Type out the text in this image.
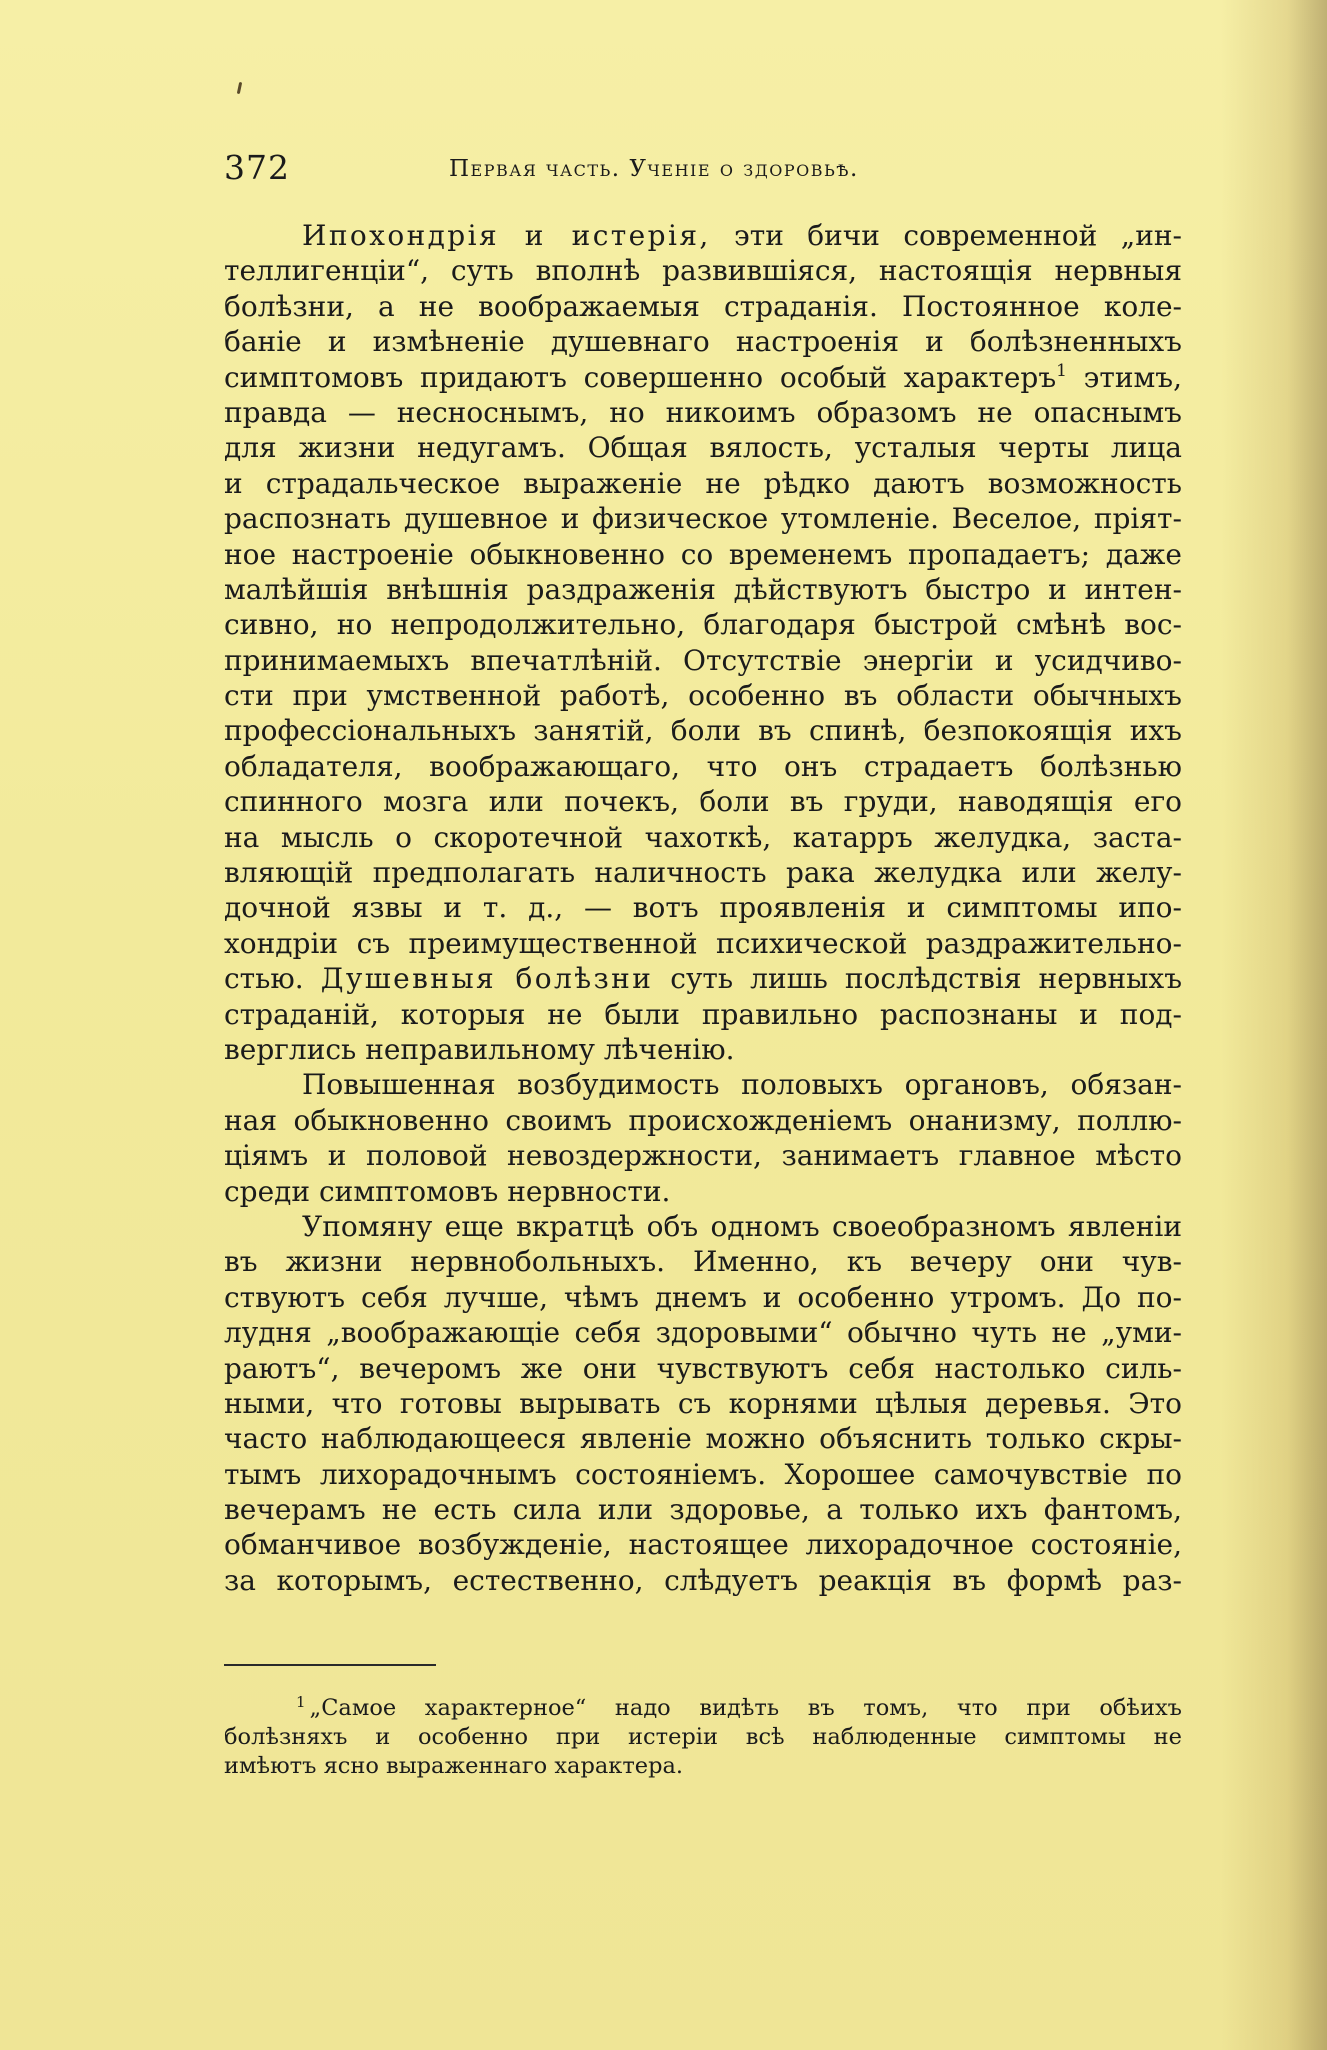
372	Первая часть. Ученіе о здоровьѣ.
Ипохондрія и истерія, эти бичи современной „ин-
теллигенціи“, суть вполнѣ развившіяся, настоящія нервныя
болѣзни, а не воображаемыя страданія. Постоянное коле-
баніе и измѣненіе душевнаго настроенія и болѣзненныхъ
симптомовъ придаютъ совершенно особый характеръ$^1$ этимъ,
правда — несноснымъ, но никоимъ образомъ не опаснымъ
для жизни недугамъ. Общая вялость, усталыя черты лица
и страдальческое выраженіе не рѣдко даютъ возможность
распознать душевное и физическое утомленіе. Веселое, пріят-
ное настроеніе обыкновенно со временемъ пропадаетъ; даже
малѣйшія внѣшнія раздраженія дѣйствуютъ быстро и интен-
сивно, но непродолжительно, благодаря быстрой смѣнѣ вос-
принимаемыхъ впечатлѣній. Отсутствіе энергіи и усидчиво-
сти при умственной работѣ, особенно въ области обычныхъ
профессіональныхъ занятій, боли въ спинѣ, безпокоящія ихъ
обладателя, воображающаго, что онъ страдаетъ болѣзнью
спинного мозга или почекъ, боли въ груди, наводящія его
на мысль о скоротечной чахоткѣ, катарръ желудка, заста-
вляющій предполагать наличность рака желудка или желу-
дочной язвы и т. д., — вотъ проявленія и симптомы ипо-
хондріи съ преимущественной психической раздражительно-
стью. Душевныя болѣзни суть лишь послѣдствія нервныхъ
страданій, которыя не были правильно распознаны и под-
верглись неправильному лѣченію.
Повышенная возбудимость половыхъ органовъ, обязан-
ная обыкновенно своимъ происхожденіемъ онанизму, поллю-
ціямъ и половой невоздержности, занимаетъ главное мѣсто
среди симптомовъ нервности.
Упомяну еще вкратцѣ объ одномъ своеобразномъ явленіи
въ жизни нервнобольныхъ. Именно, къ вечеру они чув-
ствуютъ себя лучше, чѣмъ днемъ и особенно утромъ. До по-
лудня „воображающіе себя здоровыми“ обычно чуть не „уми-
раютъ“, вечеромъ же они чувствуютъ себя настолько силь-
ными, что готовы вырывать съ корнями цѣлыя деревья. Это
часто наблюдающееся явленіе можно объяснить только скры-
тымъ лихорадочнымъ состояніемъ. Хорошее самочувствіе по
вечерамъ не есть сила или здоровье, а только ихъ фантомъ,
обманчивое возбужденіе, настоящее лихорадочное состояніе,
за которымъ, естественно, слѣдуетъ реакція въ формѣ раз-
$^1$ „Самое характерное“ надо видѣть въ томъ, что при обѣихъ
болѣзняхъ и особенно при истеріи всѣ наблюденные симптомы не
имѣютъ ясно выраженнаго характера.
